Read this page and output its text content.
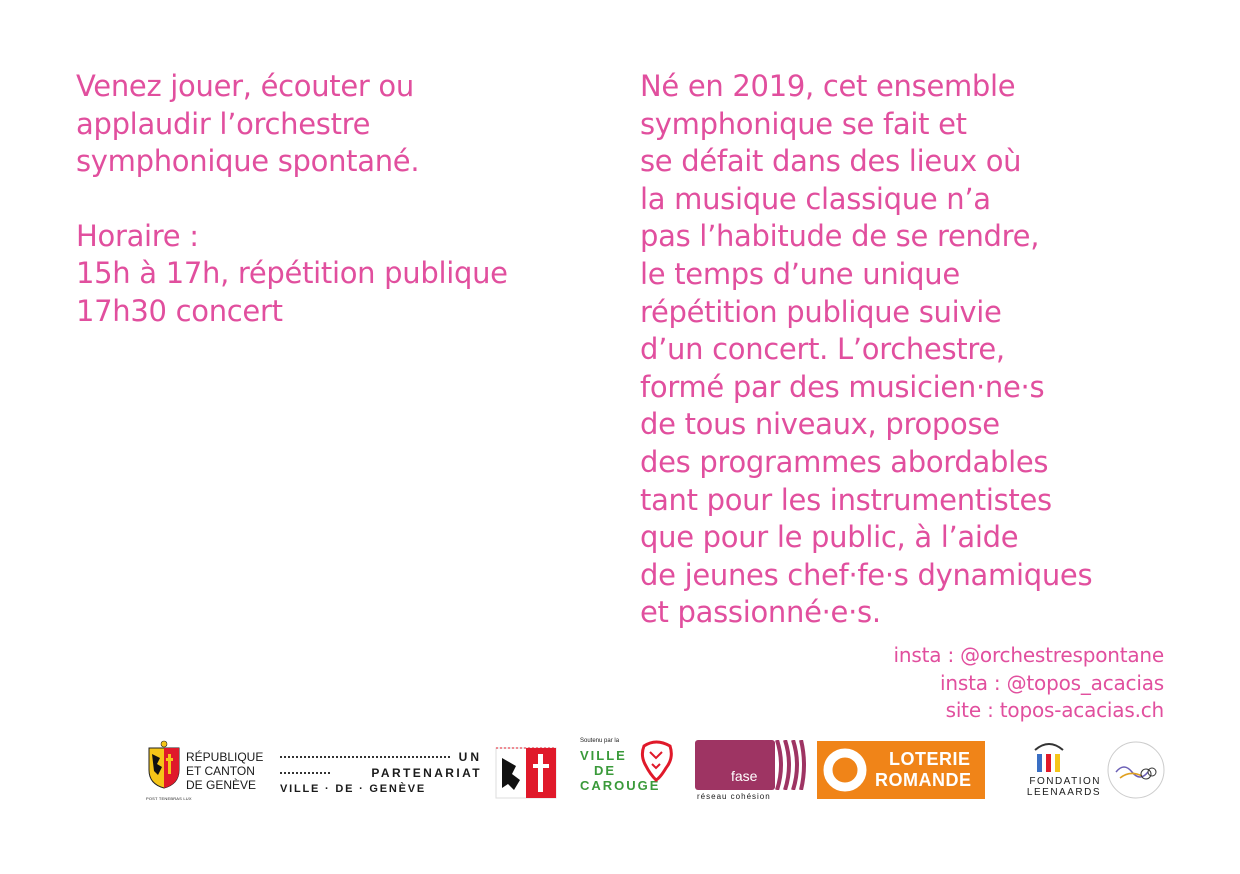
Venez jouer, écouter ou
applaudir l’orchestre
symphonique spontané.
Horaire :
15h à 17h, répétition publique
17h30 concert
Né en 2019, cet ensemble
symphonique se fait et
se défait dans des lieux où
la musique classique n’a
pas l’habitude de se rendre,
le temps d’une unique
répétition publique suivie
d’un concert. L’orchestre,
formé par des musicien·ne·s
de tous niveaux, propose
des programmes abordables
tant pour les instrumentistes
que pour le public, à l’aide
de jeunes chef·fe·s dynamiques
et passionné·e·s.
insta : @orchestrespontane
insta : @topos_acacias
site : topos-acacias.ch
POST TENEBRAS LUX
RÉPUBLIQUE
ET CANTON
DE GENÈVE
UN
PARTENARIAT
VILLE · DE · GENÈVE
Soutenu par la
VILLE
DE
CAROUGE
fase
réseau cohésion
LOTERIE
ROMANDE	FONDATION
LEENAARDS
